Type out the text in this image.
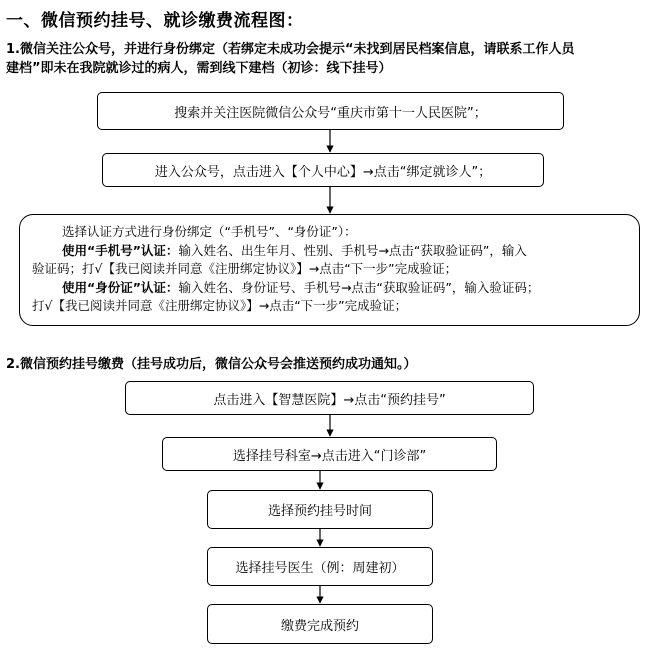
一、微信预约挂号、就诊缴费流程图：
1.微信关注公众号，并进行身份绑定（若绑定未成功会提示“未找到居民档案信息，请联系工作人员
建档”即未在我院就诊过的病人，需到线下建档（初诊：线下挂号）
搜索并关注医院微信公众号“重庆市第十一人民医院”；
进入公众号，点击进入【个人中心】→点击“绑定就诊人”；
选择认证方式进行身份绑定（“手机号”、“身份证”）：
使用“手机号”认证：输入姓名、出生年月、性别、手机号→点击“获取验证码”，输入
验证码；打√【我已阅读并同意《注册绑定协议》】→点击“下一步”完成验证；
使用“身份证”认证：输入姓名、身份证号、手机号→点击“获取验证码”，输入验证码；
打√【我已阅读并同意《注册绑定协议》】→点击“下一步”完成验证；
2.微信预约挂号缴费（挂号成功后，微信公众号会推送预约成功通知。）
点击进入【智慧医院】→点击“预约挂号”
选择挂号科室→点击进入“门诊部”
选择预约挂号时间
选择挂号医生（例：周建初）
缴费完成预约
